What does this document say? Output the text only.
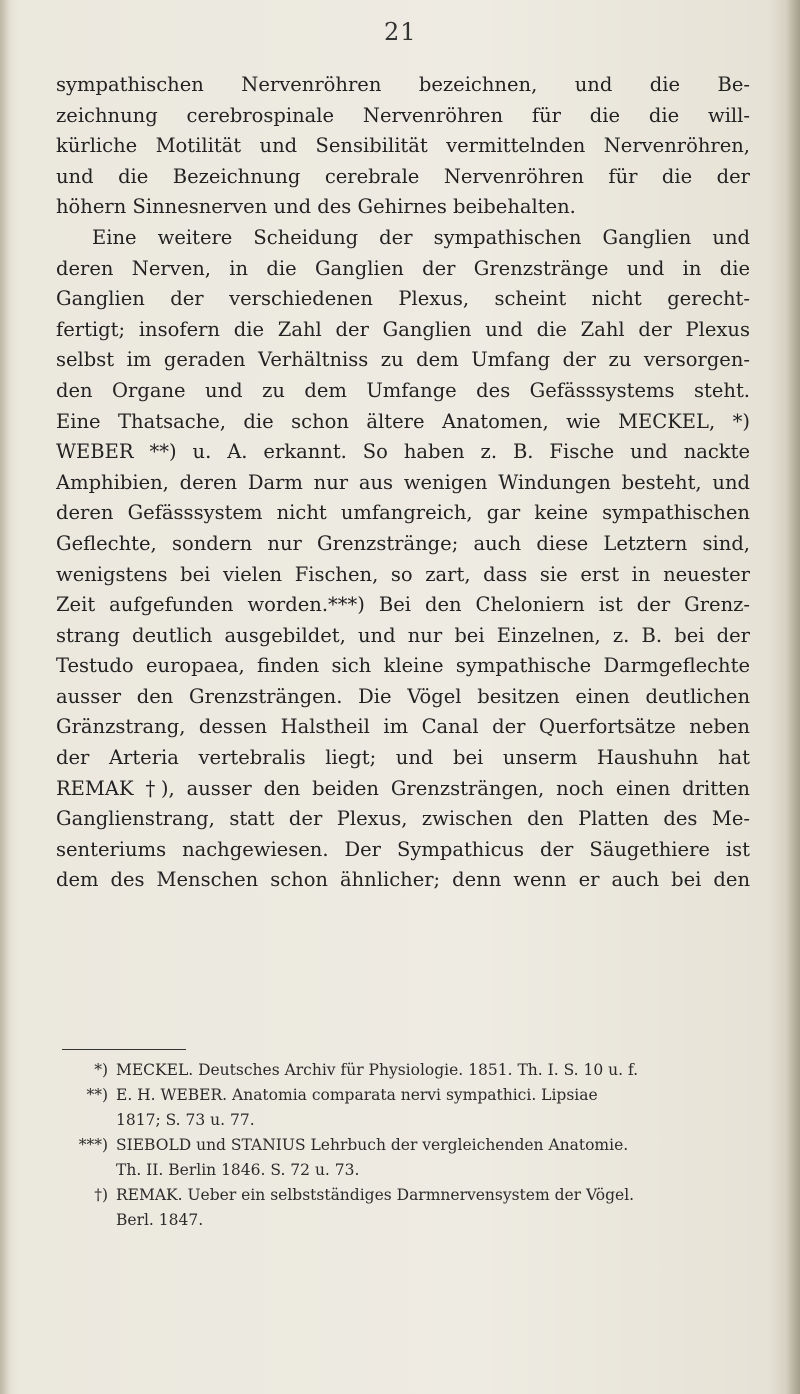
21
sympathischen Nervenröhren bezeichnen, und die Be-
zeichnung cerebrospinale Nervenröhren für die die will-
kürliche Motilität und Sensibilität vermittelnden Nervenröhren,
und die Bezeichnung cerebrale Nervenröhren für die der
höhern Sinnesnerven und des Gehirnes beibehalten.
Eine weitere Scheidung der sympathischen Ganglien und
deren Nerven, in die Ganglien der Grenzstränge und in die
Ganglien der verschiedenen Plexus, scheint nicht gerecht-
fertigt; insofern die Zahl der Ganglien und die Zahl der Plexus
selbst im geraden Verhältniss zu dem Umfang der zu versorgen-
den Organe und zu dem Umfange des Gefässsystems steht.
Eine Thatsache, die schon ältere Anatomen, wie MECKEL, *)
WEBER **) u. A. erkannt. So haben z. B. Fische und nackte
Amphibien, deren Darm nur aus wenigen Windungen besteht, und
deren Gefässsystem nicht umfangreich, gar keine sympathischen
Geflechte, sondern nur Grenzstränge; auch diese Letztern sind,
wenigstens bei vielen Fischen, so zart, dass sie erst in neuester
Zeit aufgefunden worden.***) Bei den Cheloniern ist der Grenz-
strang deutlich ausgebildet, und nur bei Einzelnen, z. B. bei der
Testudo europaea, finden sich kleine sympathische Darmgeflechte
ausser den Grenzsträngen. Die Vögel besitzen einen deutlichen
Gränzstrang, dessen Halstheil im Canal der Querfortsätze neben
der Arteria vertebralis liegt; und bei unserm Haushuhn hat
REMAK †), ausser den beiden Grenzsträngen, noch einen dritten
Ganglienstrang, statt der Plexus, zwischen den Platten des Me-
senteriums nachgewiesen. Der Sympathicus der Säugethiere ist
dem des Menschen schon ähnlicher; denn wenn er auch bei den
*) MECKEL. Deutsches Archiv für Physiologie. 1851. Th. I. S. 10 u. f.
**) E. H. WEBER. Anatomia comparata nervi sympathici. Lipsiae
1817; S. 73 u. 77.
***) SIEBOLD und STANIUS Lehrbuch der vergleichenden Anatomie.
Th. II. Berlin 1846. S. 72 u. 73.
†) REMAK. Ueber ein selbstständiges Darmnervensystem der Vögel.
Berl. 1847.
